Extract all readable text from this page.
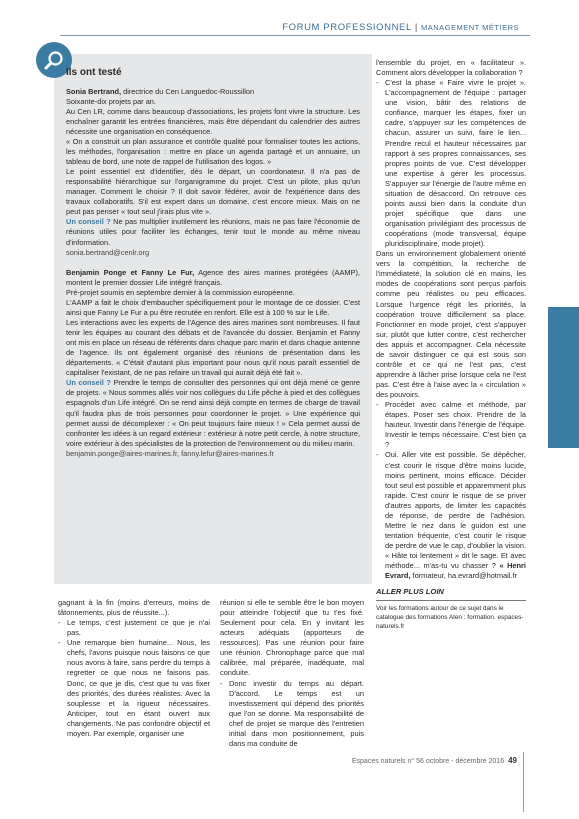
FORUM PROFESSIONNEL | MANAGEMENT MÉTIERS
Ils ont testé

Sonia Bertrand, directrice du Cen Languedoc-Roussillon

Soixante-dix projets par an.

Au Cen LR, comme dans beaucoup d'associations, les projets font vivre la structure. Les enchaîner garantit les entrées financières, mais être dépendant du calendrier des autres nécessite une organisation en conséquence.

« On a construit un plan assurance et contrôle qualité pour formaliser toutes les actions, les méthodes, l'organisation : mettre en place un agenda partagé et un annuaire, un tableau de bord, une note de rappel de l'utilisation des logos. »

Le point essentiel est d'identifier, dès le départ, un coordonateur. Il n'a pas de responsabilité hiérarchique sur l'organigramme du projet. C'est un pilote, plus qu'un manager. Comment le choisir ? Il doit savoir fédérer, avoir de l'expérience dans des travaux collaboratifs. S'il est expert dans un domaine, c'est encore mieux. Mais on ne peut pas penser « tout seul j'irais plus vite ».

Un conseil ? Ne pas multiplier inutilement les réunions, mais ne pas faire l'économie de réunions utiles pour faciliter les échanges, tenir tout le monde au même niveau d'information.

sonia.bertrand@cenlr.org

Benjamin Ponge et Fanny Le Fur, Agence des aires marines protégées (AAMP), montent le premier dossier Life intégré français.

Pré-projet soumis en septembre dernier à la commission européenne.

L'AAMP a fait le choix d'embaucher spécifiquement pour le montage de ce dossier. C'est ainsi que Fanny Le Fur a pu être recrutée en renfort. Elle est à 100 % sur le Life.

Les interactions avec les experts de l'Agence des aires marines sont nombreuses. Il faut tenir les équipes au courant des débats et de l'avancée du dossier. Benjamin et Fanny ont mis en place un réseau de référents dans chaque parc marin et dans chaque antenne de l'agence. Ils ont également organisé des réunions de présentation dans les départements. « C'était d'autant plus important pour nous qu'il nous paraît essentiel de capitaliser l'existant, de ne pas refaire un travail qui aurait déjà été fait ».

Un conseil ? Prendre le temps de consulter des personnes qui ont déjà mené ce genre de projets. « Nous sommes allés voir nos collègues du Life pêche à pied et des collègues espagnols d'un Life intégré. On se rend ainsi déjà compte en termes de charge de travail qu'il faudra plus de trois personnes pour coordonner le projet. » Une expérience qui permet aussi de décomplexer : « On peut toujours faire mieux ! » Cela permet aussi de confronter les idées à un regard extérieur : extérieur à notre petit cercle, à notre structure, voire extérieur à des spécialistes de la protection de l'environnement ou du milieu marin.

benjamin.ponge@aires-marines.fr, fanny.lefur@aires-marines.fr

gagnant à la fin (moins d'erreurs, moins de tâtonnements, plus de réussite...).

- Le temps, c'est justement ce que je n'ai pas.
- Une remarque bien humaine... Nous, les chefs, l'avons puisque nous faisons ce que nous avons à faire, sans perdre du temps à regretter ce que nous ne faisons pas. Donc, ce que je dis, c'est que tu vas fixer des priorités, des durées réalistes. Avec la souplesse et la rigueur nécessaires. Anticiper, tout en étant ouvert aux changements. Ne pas confondre objectif et moyen. Par exemple, organiser une

réunion si elle te semble être le bon moyen pour atteindre l'objectif que tu t'es fixé. Seulement pour cela. En y invitant les acteurs adéquats (apporteurs de ressources). Pas une réunion pour faire une réunion. Chronophage parce que mal calibrée, mal préparée, inadéquate, mal conduite.

- Donc investir du temps au départ. D'accord. Le temps est un investissement qui dépend des priorités que l'on se donne. Ma responsabilité de chef de projet se marque dès l'entretien initial dans mon positionnement, puis dans ma conduite de

l'ensemble du projet, en « facilitateur ». Comment alors développer la collaboration ?

- C'est la phase « Faire vivre le projet ». L'accompagnement de l'équipe : partager une vision, bâtir des relations de confiance, marquer les étapes, fixer un cadre, s'appuyer sur les compétences de chacun, assurer un suivi, faire le lien... Prendre recul et hauteur nécessaires par rapport à ses propres connaissances, ses propres points de vue. C'est développer une expertise à gérer les processus. S'appuyer sur l'énergie de l'autre même en situation de désaccord. On retrouve ces points aussi bien dans la conduite d'un projet spécifique que dans une organisation privilégiant des processus de coopérations (mode transversal, équipe pluridisciplinaire, mode projet).

Dans un environnement globalement orienté vers la compétition, la recherche de l'immédiateté, la solution clé en mains, les modes de coopérations sont perçus parfois comme peu réalistes ou peu efficaces. Lorsque l'urgence régit les priorités, la coopération trouve difficilement sa place. Fonctionner en mode projet, c'est s'appuyer sur, plutôt que lutter contre, c'est rechercher des appuis et accompagner. Cela nécessite de savoir distinguer ce qui est sous son contrôle et ce qui ne l'est pas, c'est apprendre à lâcher prise lorsque cela ne l'est pas. C'est être à l'aise avec la « circulation » des pouvoirs.

- Procéder avec calme et méthode, par étapes. Poser ses choix. Prendre de la hauteur. Investir dans l'énergie de l'équipe. Investir le temps nécessaire. C'est bien ça ?
- Oui. Aller vite est possible. Se dépêcher, c'est courir le risque d'être moins lucide, moins pertinent, moins efficace. Décider tout seul est possible et apparemment plus rapide. C'est courir le risque de se priver d'autres apports, de limiter les capacités de réponse, de perdre de l'adhésion. Mettre le nez dans le guidon est une tentation fréquente, c'est courir le risque de perdre de vue le cap, d'oublier la vision. « Hâte toi lentement » dit le sage. Et avec méthode... m'as-tu vu chasser ? « Henri Evrard, formateur, ha.evrard@hotmail.fr
ALLER PLUS LOIN
Voir les formations autour de ce sujet dans le catalogue des formations Aten : formation. espaces-naturels.fr
Espaces naturels n° 56 octobre - décembre 2016 49
